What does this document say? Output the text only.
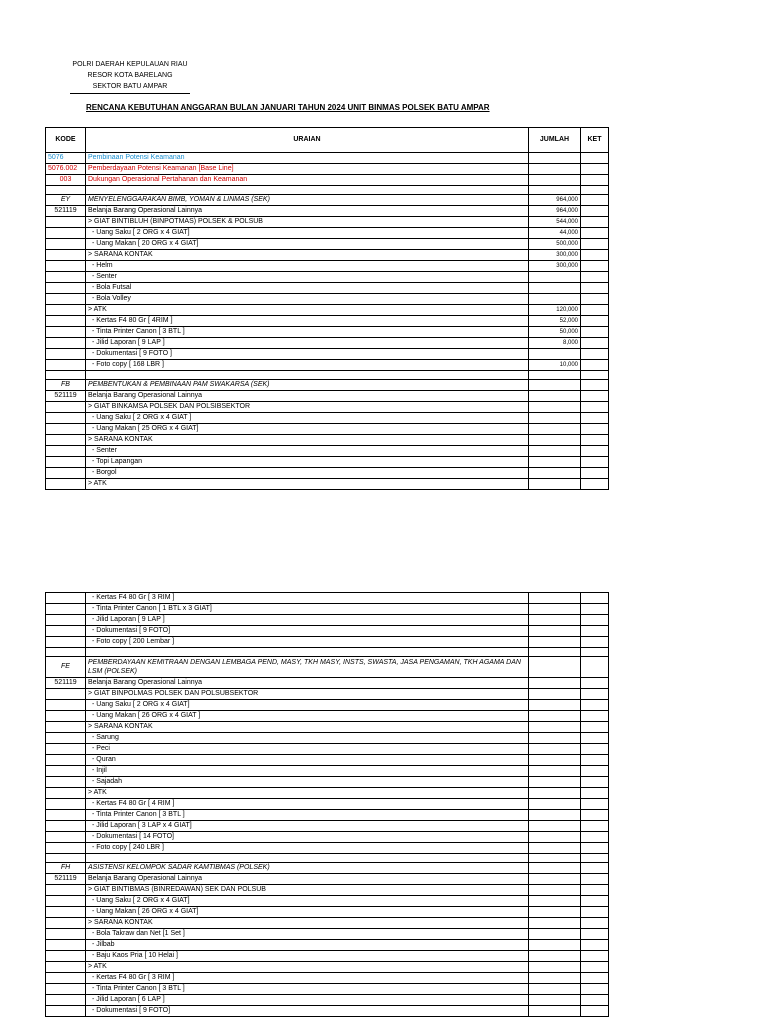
POLRI DAERAH KEPULAUAN RIAU
RESOR KOTA BARELANG
SEKTOR BATU AMPAR
RENCANA KEBUTUHAN ANGGARAN BULAN JANUARI TAHUN 2024 UNIT BINMAS POLSEK BATU AMPAR
KODE	URAIAN	JUMLAH	KET
5076	Pembinaan Potensi Keamanan		
5076.002	Pemberdayaan Potensi Keamanan [Base Line]		
003	Dukungan Operasional Pertahanan dan Keamanan		

EY	MENYELENGGARAKAN BIMB, YOMAN & LINMAS (SEK)	964,000	
521119	Belanja Barang Operasional Lainnya	964,000	
	> GIAT BINTIBLUH (BINPOTMAS) POLSEK & POLSUB	544,000	
	- Uang Saku [ 2 ORG x 4 GIAT]	44,000	
	- Uang Makan [ 20 ORG x 4 GIAT]	500,000	
	> SARANA KONTAK	300,000	
	- Helm	300,000	
	- Senter		
	- Bola Futsal		
	- Bola Volley		
	> ATK	120,000	
	- Kertas F4 80 Gr [ 4RIM ]	52,000	
	- Tinta Printer Canon [ 3 BTL ]	50,000	
	- Jilid Laporan [ 9 LAP ]	8,000	
	- Dokumentasi [ 9 FOTO ]		
	- Foto copy [ 168 LBR ]	10,000	

FB	PEMBENTUKAN & PEMBINAAN PAM SWAKARSA (SEK)		
521119	Belanja Barang Operasional Lainnya		
	> GIAT BINKAMSA POLSEK DAN POLSIBSEKTOR		
	- Uang Saku [ 2 ORG x 4 GIAT ]		
	- Uang Makan [ 25 ORG x 4 GIAT]		
	> SARANA KONTAK		
	- Senter		
	- Topi Lapangan		
	- Borgol		
	> ATK		
	- Kertas F4 80 Gr [ 3 RIM ]		
	- Tinta Printer Canon [ 1 BTL x 3 GIAT]		
	- Jilid Laporan [ 9 LAP ]		
	- Dokumentasi [ 9 FOTO]		
	- Foto copy [ 200 Lembar ]		

FE	PEMBERDAYAAN KEMITRAAN DENGAN LEMBAGA PEND, MASY, TKH MASY, INSTS, SWASTA, JASA PENGAMAN, TKH AGAMA DAN LSM (POLSEK)		
521119	Belanja Barang Operasional Lainnya		
	> GIAT BINPOLMAS POLSEK DAN POLSUBSEKTOR		
	- Uang Saku [ 2 ORG x 4 GIAT]		
	- Uang Makan [ 26 ORG x 4 GIAT ]		
	> SARANA KONTAK		
	- Sarung		
	- Peci		
	- Quran		
	- Injil		
	- Sajadah		
	> ATK		
	- Kertas F4 80 Gr [ 4 RIM ]		
	- Tinta Printer Canon [ 3 BTL ]		
	- Jilid Laporan [ 3 LAP x 4 GIAT]		
	- Dokumentasi [ 14 FOTO]		
	- Foto copy [ 240 LBR ]		

FH	ASISTENSI KELOMPOK SADAR KAMTIBMAS (POLSEK)		
521119	Belanja Barang Operasional Lainnya		
	> GIAT BINTIBMAS (BINREDAWAN) SEK DAN POLSUB		
	- Uang Saku [ 2 ORG x 4 GIAT]		
	- Uang Makan [ 26 ORG x 4 GIAT]		
	> SARANA KONTAK		
	- Bola Takraw dan Net [1 Set ]		
	- Jilbab		
	- Baju Kaos Pria [ 10 Helai ]		
	> ATK		
	- Kertas F4 80 Gr [ 3 RIM ]		
	- Tinta Printer Canon [ 3 BTL ]		
	- Jilid Laporan [ 6 LAP ]		
	- Dokumentasi [ 9 FOTO]		
